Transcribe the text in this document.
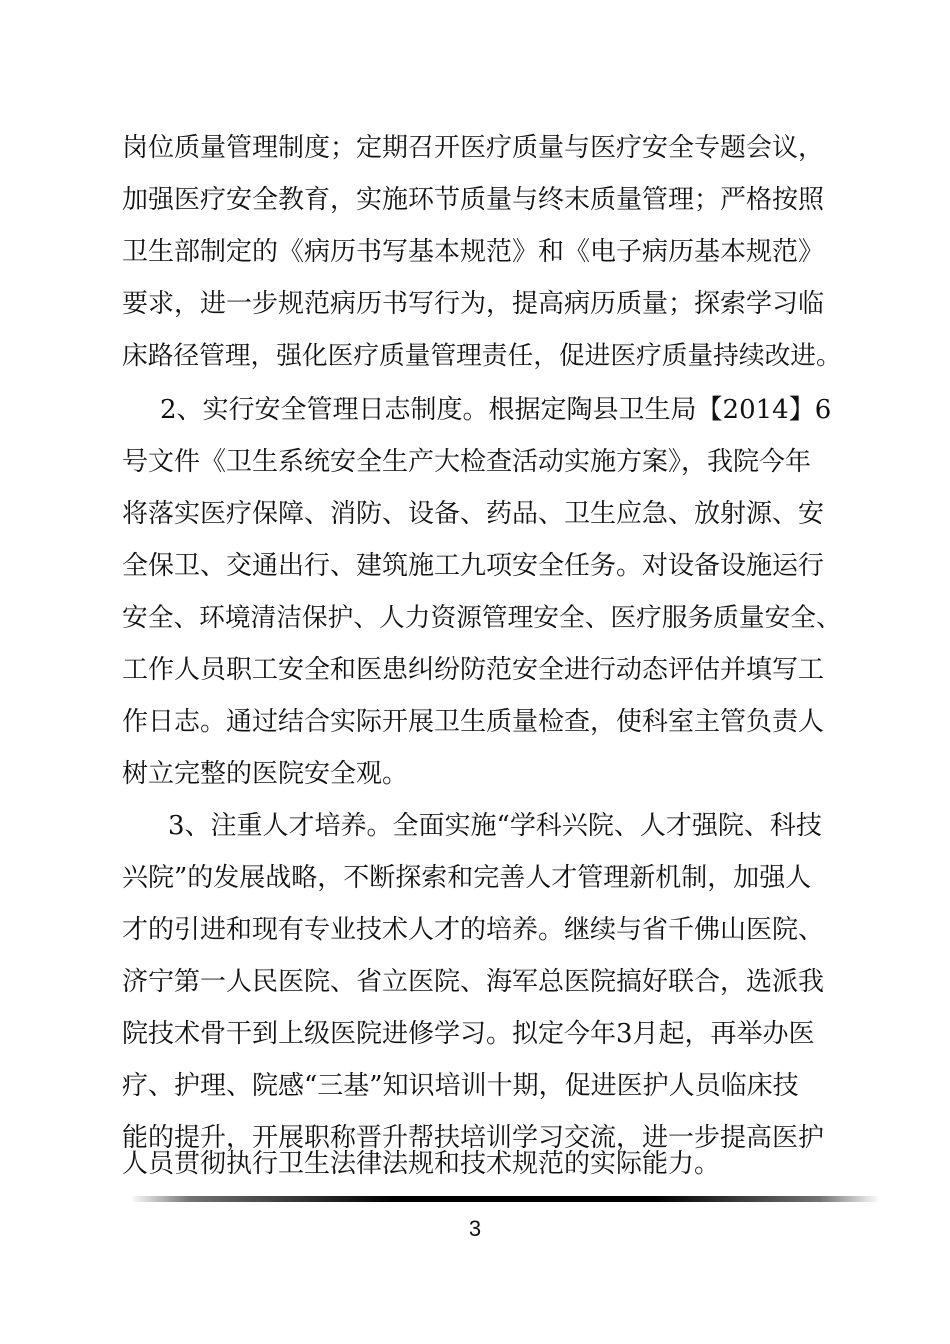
岗位质量管理制度；定期召开医疗质量与医疗安全专题会议，
加强医疗安全教育，实施环节质量与终末质量管理；严格按照
卫生部制定的《病历书写基本规范》和《电子病历基本规范》
要求，进一步规范病历书写行为，提高病历质量；探索学习临
床路径管理，强化医疗质量管理责任，促进医疗质量持续改进。
2、实行安全管理日志制度。根据定陶县卫生局【2014】6
号文件《卫生系统安全生产大检查活动实施方案》，我院今年
将落实医疗保障、消防、设备、药品、卫生应急、放射源、安
全保卫、交通出行、建筑施工九项安全任务。对设备设施运行
安全、环境清洁保护、人力资源管理安全、医疗服务质量安全、
工作人员职工安全和医患纠纷防范安全进行动态评估并填写工
作日志。通过结合实际开展卫生质量检查，使科室主管负责人
树立完整的医院安全观。
3、注重人才培养。全面实施“学科兴院、人才强院、科技
兴院”的发展战略，不断探索和完善人才管理新机制，加强人
才的引进和现有专业技术人才的培养。继续与省千佛山医院、
济宁第一人民医院、省立医院、海军总医院搞好联合，选派我
院技术骨干到上级医院进修学习。拟定今年3月起，再举办医
疗、护理、院感“三基”知识培训十期，促进医护人员临床技
能的提升，开展职称晋升帮扶培训学习交流，进一步提高医护
人员贯彻执行卫生法律法规和技术规范的实际能力。
3
